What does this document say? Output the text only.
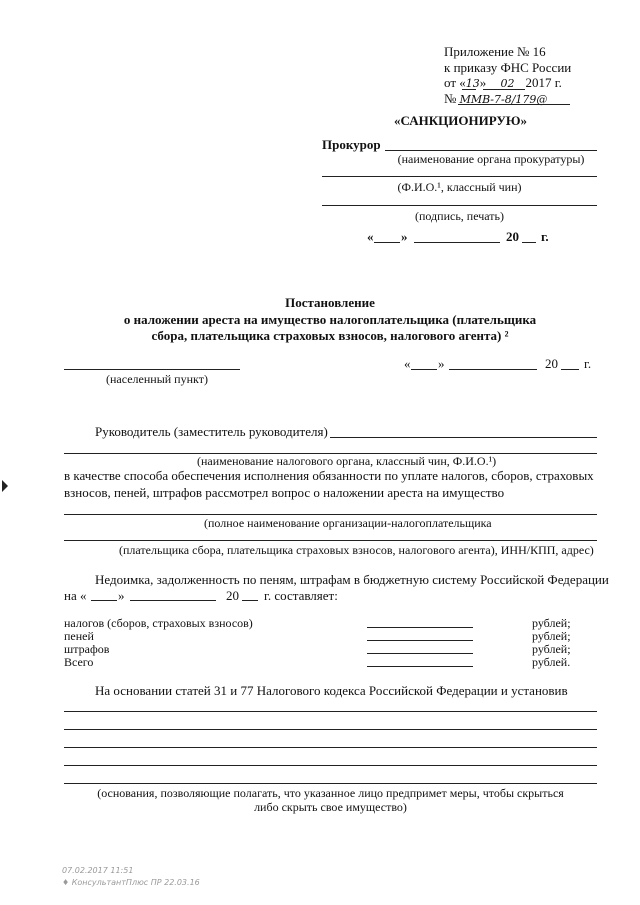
Приложение № 16
к приказу ФНС России
от «13» 02 2017 г.
№ ММВ-7-8/179@
«САНКЦИОНИРУЮ»
Прокурор
(наименование органа прокуратуры)
(Ф.И.О.¹, классный чин)
(подпись, печать)
« »	20 г.
Постановление
о наложении ареста на имущество налогоплательщика (плательщика
сбора, плательщика страховых взносов, налогового агента) ²
(населенный пункт)
« »	20 г.
Руководитель (заместитель руководителя)
(наименование налогового органа, классный чин, Ф.И.О.¹)
в качестве способа обеспечения исполнения обязанности по уплате налогов, сборов, страховых
взносов, пеней, штрафов рассмотрел вопрос о наложении ареста на имущество
(полное наименование организации-налогоплательщика
(плательщика сбора, плательщика страховых взносов, налогового агента), ИНН/КПП, адрес)
Недоимка, задолженность по пеням, штрафам в бюджетную систему Российской Федерации
на « »	20 г. составляет:
налогов (сборов, страховых взносов)	рублей;
пеней	рублей;
штрафов	рублей;
Всего	рублей.
На основании статей 31 и 77 Налогового кодекса Российской Федерации и установив
(основания, позволяющие полагать, что указанное лицо предпримет меры, чтобы скрыться
либо скрыть свое имущество)
07.02.2017 11:51
♦ КонсультантПлюс ПР 22.03.16
